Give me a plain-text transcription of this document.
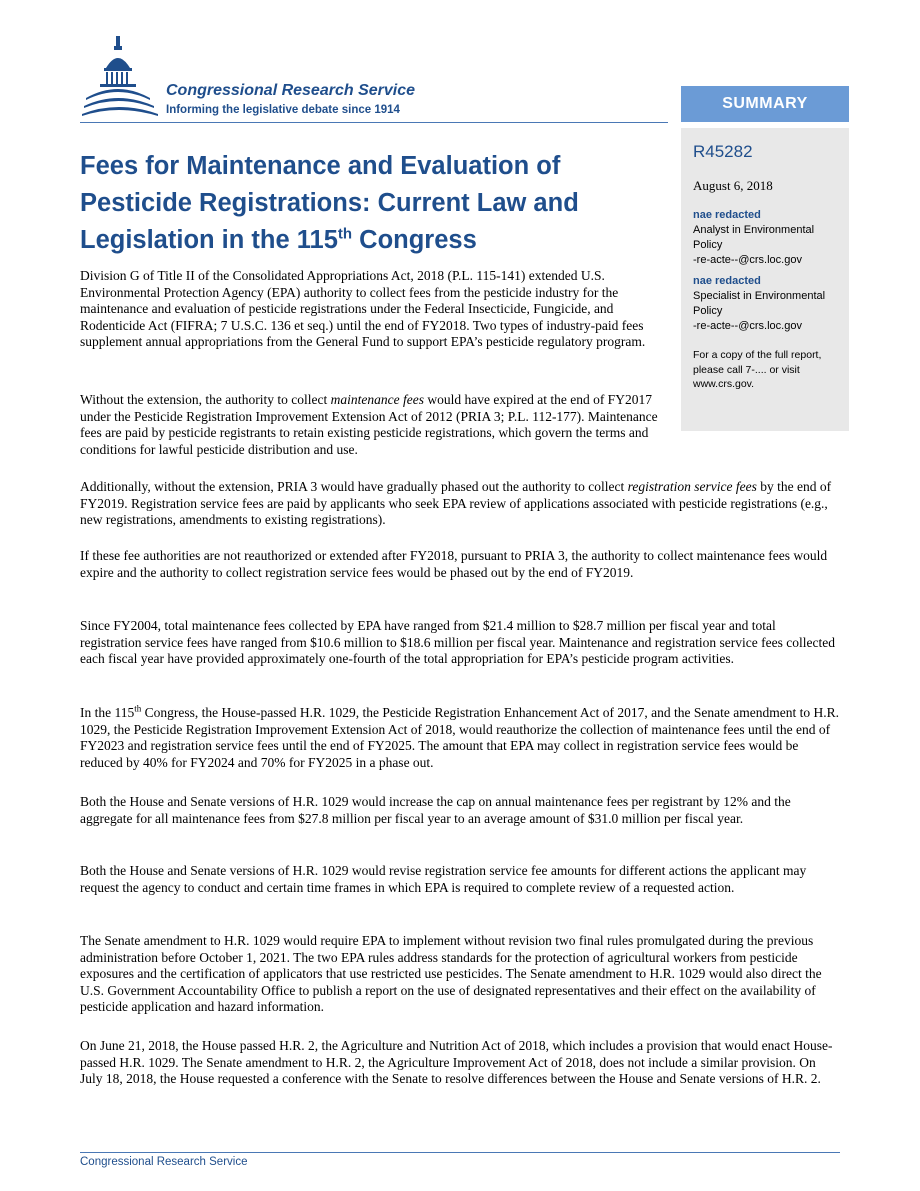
Congressional Research Service
Informing the legislative debate since 1914	SUMMARY
R45282
August 6, 2018
nae redacted
Analyst in Environmental
Policy
-re-acte--@crs.loc.gov
nae redacted
Specialist in Environmental
Policy
-re-acte--@crs.loc.gov
For a copy of the full report,
please call 7-.... or visit
www.crs.gov.
Fees for Maintenance and Evaluation of
Pesticide Registrations: Current Law and
Legislation in the 115th Congress

Division G of Title II of the Consolidated Appropriations Act, 2018 (P.L. 115-141) extended U.S. Environmental Protection Agency (EPA) authority to collect fees from the pesticide industry for the maintenance and evaluation of pesticide registrations under the Federal Insecticide, Fungicide, and Rodenticide Act (FIFRA; 7 U.S.C. 136 et seq.) until the end of FY2018. Two types of industry-paid fees supplement annual appropriations from the General Fund to support EPA’s pesticide regulatory program.

Without the extension, the authority to collect maintenance fees would have expired at the end of FY2017 under the Pesticide Registration Improvement Extension Act of 2012 (PRIA 3; P.L. 112-177). Maintenance fees are paid by pesticide registrants to retain existing pesticide registrations, which govern the terms and conditions for lawful pesticide distribution and use.

Additionally, without the extension, PRIA 3 would have gradually phased out the authority to collect registration service fees by the end of FY2019. Registration service fees are paid by applicants who seek EPA review of applications associated with pesticide registrations (e.g., new registrations, amendments to existing registrations).

If these fee authorities are not reauthorized or extended after FY2018, pursuant to PRIA 3, the authority to collect maintenance fees would expire and the authority to collect registration service fees would be phased out by the end of FY2019.

Since FY2004, total maintenance fees collected by EPA have ranged from $21.4 million to $28.7 million per fiscal year and total registration service fees have ranged from $10.6 million to $18.6 million per fiscal year. Maintenance and registration service fees collected each fiscal year have provided approximately one-fourth of the total appropriation for EPA’s pesticide program activities.

In the 115th Congress, the House-passed H.R. 1029, the Pesticide Registration Enhancement Act of 2017, and the Senate amendment to H.R. 1029, the Pesticide Registration Improvement Extension Act of 2018, would reauthorize the collection of maintenance fees until the end of FY2023 and registration service fees until the end of FY2025. The amount that EPA may collect in registration service fees would be reduced by 40% for FY2024 and 70% for FY2025 in a phase out.

Both the House and Senate versions of H.R. 1029 would increase the cap on annual maintenance fees per registrant by 12% and the aggregate for all maintenance fees from $27.8 million per fiscal year to an average amount of $31.0 million per fiscal year.

Both the House and Senate versions of H.R. 1029 would revise registration service fee amounts for different actions the applicant may request the agency to conduct and certain time frames in which EPA is required to complete review of a requested action.

The Senate amendment to H.R. 1029 would require EPA to implement without revision two final rules promulgated during the previous administration before October 1, 2021. The two EPA rules address standards for the protection of agricultural workers from pesticide exposures and the certification of applicators that use restricted use pesticides. The Senate amendment to H.R. 1029 would also direct the U.S. Government Accountability Office to publish a report on the use of designated representatives and their effect on the availability of pesticide application and hazard information.

On June 21, 2018, the House passed H.R. 2, the Agriculture and Nutrition Act of 2018, which includes a provision that would enact House-passed H.R. 1029. The Senate amendment to H.R. 2, the Agriculture Improvement Act of 2018, does not include a similar provision. On July 18, 2018, the House requested a conference with the Senate to resolve differences between the House and Senate versions of H.R. 2.

Congressional Research Service
